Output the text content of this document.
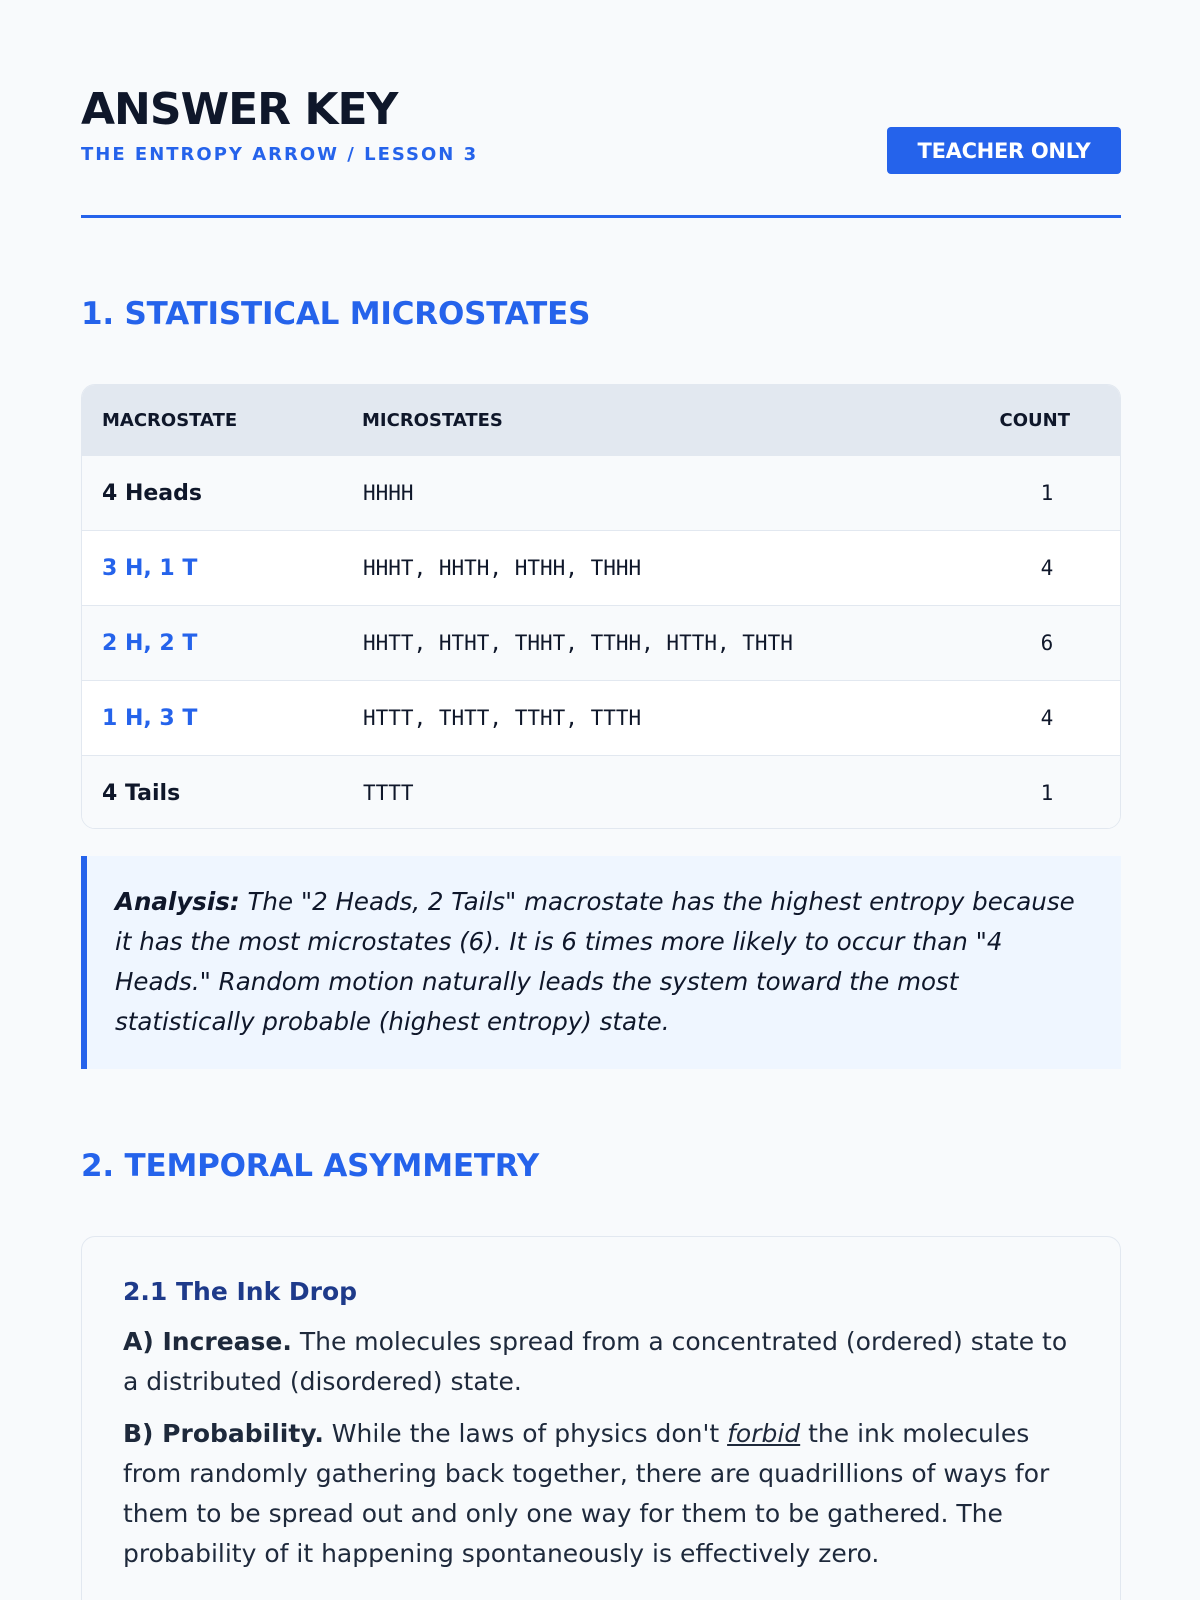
ANSWER KEY
THE ENTROPY ARROW / LESSON 3	TEACHER ONLY
1. STATISTICAL MICROSTATES
MACROSTATE	MICROSTATES	COUNT
4 Heads	HHHH	1
3 H, 1 T	HHHT, HHTH, HTHH, THHH	4
2 H, 2 T	HHTT, HTHT, THHT, TTHH, HTTH, THTH	6
1 H, 3 T	HTTT, THTT, TTHT, TTTH	4
4 Tails	TTTT	1
Analysis: The "2 Heads, 2 Tails" macrostate has the highest entropy because it has the most microstates (6). It is 6 times more likely to occur than "4 Heads." Random motion naturally leads the system toward the most statistically probable (highest entropy) state.
2. TEMPORAL ASYMMETRY
2.1 The Ink Drop

A) Increase. The molecules spread from a concentrated (ordered) state to a distributed (disordered) state.

B) Probability. While the laws of physics don't forbid the ink molecules from randomly gathering back together, there are quadrillions of ways for them to be spread out and only one way for them to be gathered. The probability of it happening spontaneously is effectively zero.
